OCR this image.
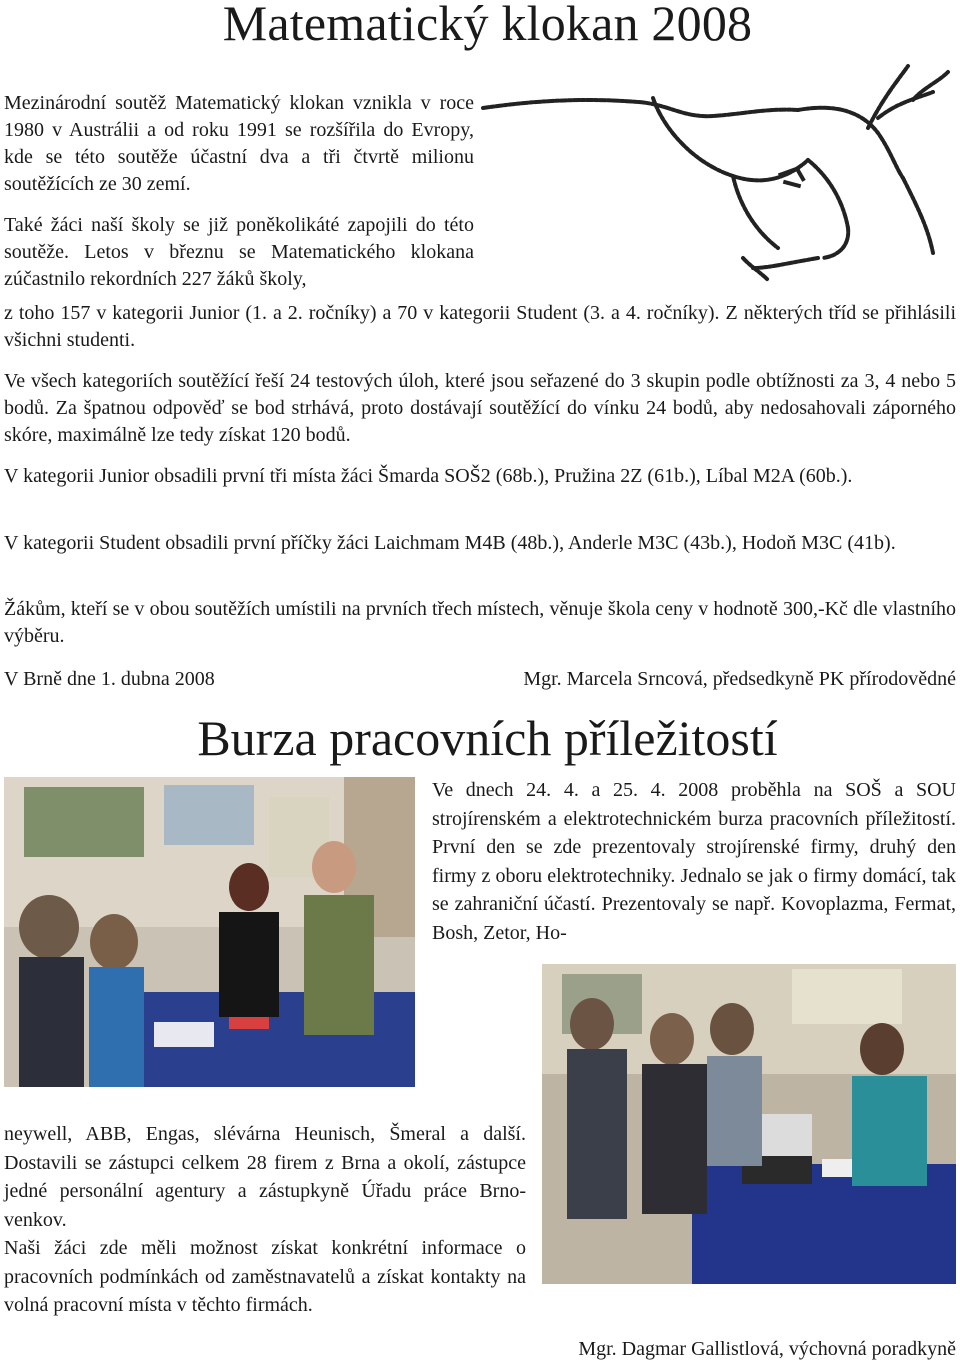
Matematický klokan 2008

Mezinárodní soutěž Matematický klokan vznikla v roce 1980 v Austrálii a od roku 1991 se rozšířila do Evropy, kde se této soutěže účastní dva a tři čtvrtě milionu soutěžících ze 30 zemí.

Také žáci naší školy se již poněkolikáté zapojili do této soutěže. Letos v březnu se Matematického klokana zúčastnilo rekordních 227 žáků školy,

z toho 157 v kategorii Junior (1. a 2. ročníky) a 70 v kategorii Student (3. a 4. ročníky). Z některých tříd se přihlásili všichni studenti.

Ve všech kategoriích soutěžící řeší 24 testových úloh, které jsou seřazené do 3 skupin podle obtížnosti za 3, 4 nebo 5 bodů. Za špatnou odpověď se bod strhává, proto dostávají soutěžící do vínku 24 bodů, aby nedosahovali záporného skóre, maximálně lze tedy získat 120 bodů.

V kategorii Junior obsadili první tři místa žáci Šmarda SOŠ2 (68b.), Pružina 2Z (61b.), Líbal M2A (60b.).

V kategorii Student obsadili první příčky žáci Laichmam M4B (48b.), Anderle M3C (43b.), Hodoň M3C (41b).

Žákům, kteří se v obou soutěžích umístili na prvních třech místech, věnuje škola ceny v hodnotě 300,-Kč dle vlastního výběru.

V Brně dne 1. dubna 2008	Mgr. Marcela Srncová, předsedkyně PK přírodovědné
Burza pracovních příležitostí
Ve dnech 24. 4. a 25. 4. 2008 proběhla na SOŠ a SOU strojírenském a elektrotechnickém burza pracovních příležitostí. První den se zde prezentovaly strojírenské firmy, druhý den firmy z oboru elektrotechniky. Jednalo se jak o firmy domácí, tak se zahraniční účastí. Prezentovaly se např. Kovoplazma, Fermat, Bosh, Zetor, Ho-

neywell, ABB, Engas, slévárna Heunisch, Šmeral a další. Dostavili se zástupci celkem 28 firem z Brna a okolí, zástupce jedné personální agentury a zástupkyně Úřadu práce Brno-venkov.

Naši žáci zde měli možnost získat konkrétní informace o pracovních podmínkách od zaměstnavatelů a získat kontakty na volná pracovní místa v těchto firmách.

Mgr. Dagmar Gallistlová, výchovná poradkyně
